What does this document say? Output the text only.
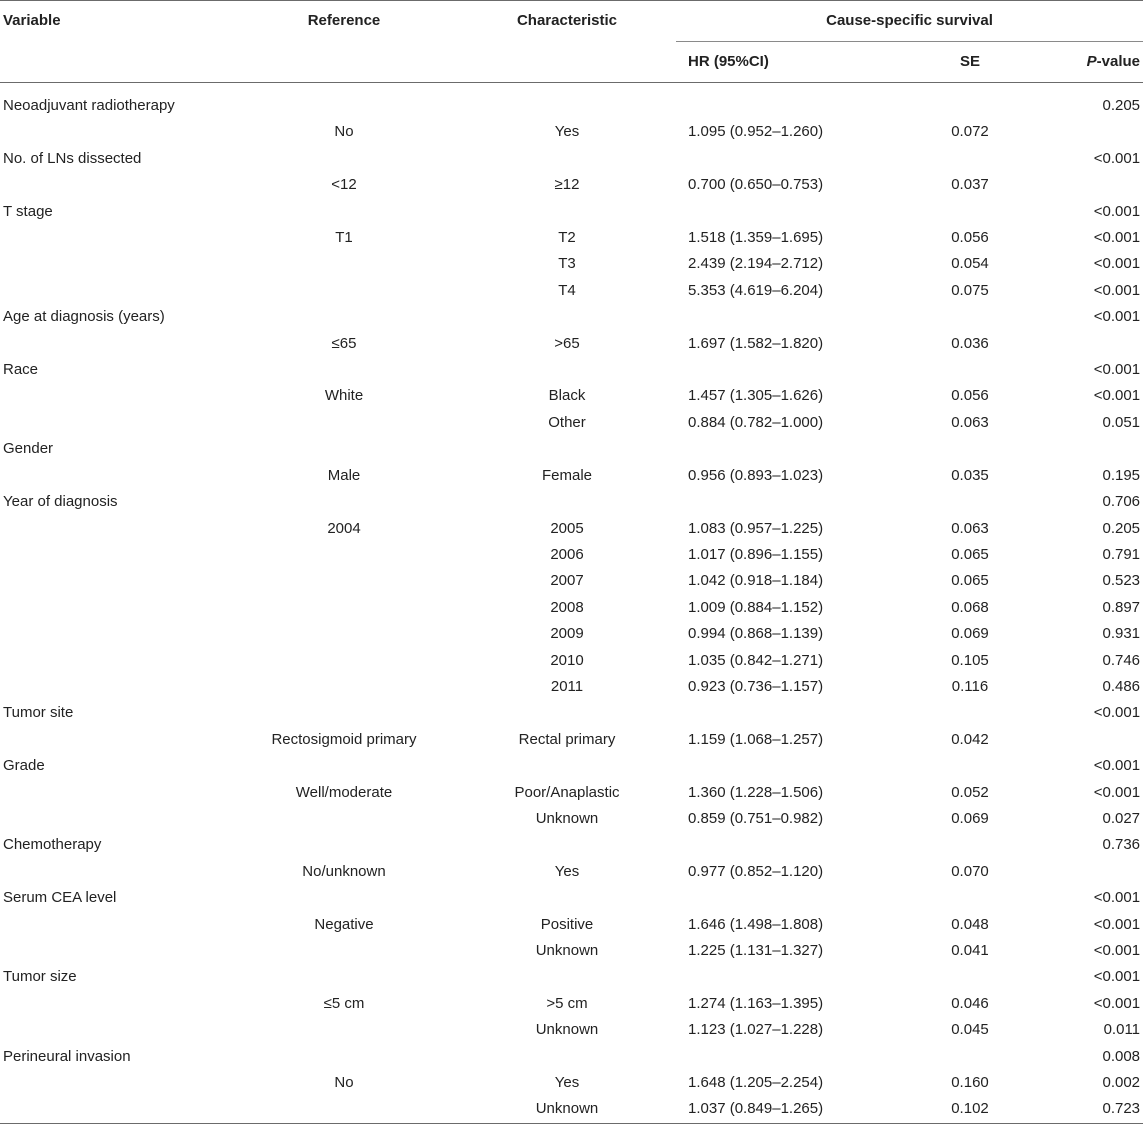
Variable	Reference	Characteristic	Cause-specific survival		
			HR (95%CI)	SE	P-value
Neoadjuvant radiotherapy					0.205
	No	Yes	1.095 (0.952–1.260)	0.072	
No. of LNs dissected					<0.001
	<12	≥12	0.700 (0.650–0.753)	0.037	
T stage					<0.001
	T1	T2	1.518 (1.359–1.695)	0.056	<0.001
		T3	2.439 (2.194–2.712)	0.054	<0.001
		T4	5.353 (4.619–6.204)	0.075	<0.001
Age at diagnosis (years)					<0.001
	≤65	>65	1.697 (1.582–1.820)	0.036	
Race					<0.001
	White	Black	1.457 (1.305–1.626)	0.056	<0.001
		Other	0.884 (0.782–1.000)	0.063	0.051
Gender					
	Male	Female	0.956 (0.893–1.023)	0.035	0.195
Year of diagnosis					0.706
	2004	2005	1.083 (0.957–1.225)	0.063	0.205
		2006	1.017 (0.896–1.155)	0.065	0.791
		2007	1.042 (0.918–1.184)	0.065	0.523
		2008	1.009 (0.884–1.152)	0.068	0.897
		2009	0.994 (0.868–1.139)	0.069	0.931
		2010	1.035 (0.842–1.271)	0.105	0.746
		2011	0.923 (0.736–1.157)	0.116	0.486
Tumor site					<0.001
	Rectosigmoid primary	Rectal primary	1.159 (1.068–1.257)	0.042	
Grade					<0.001
	Well/moderate	Poor/Anaplastic	1.360 (1.228–1.506)	0.052	<0.001
		Unknown	0.859 (0.751–0.982)	0.069	0.027
Chemotherapy					0.736
	No/unknown	Yes	0.977 (0.852–1.120)	0.070	
Serum CEA level					<0.001
	Negative	Positive	1.646 (1.498–1.808)	0.048	<0.001
		Unknown	1.225 (1.131–1.327)	0.041	<0.001
Tumor size					<0.001
	≤5 cm	>5 cm	1.274 (1.163–1.395)	0.046	<0.001
		Unknown	1.123 (1.027–1.228)	0.045	0.011
Perineural invasion					0.008
	No	Yes	1.648 (1.205–2.254)	0.160	0.002
		Unknown	1.037 (0.849–1.265)	0.102	0.723
